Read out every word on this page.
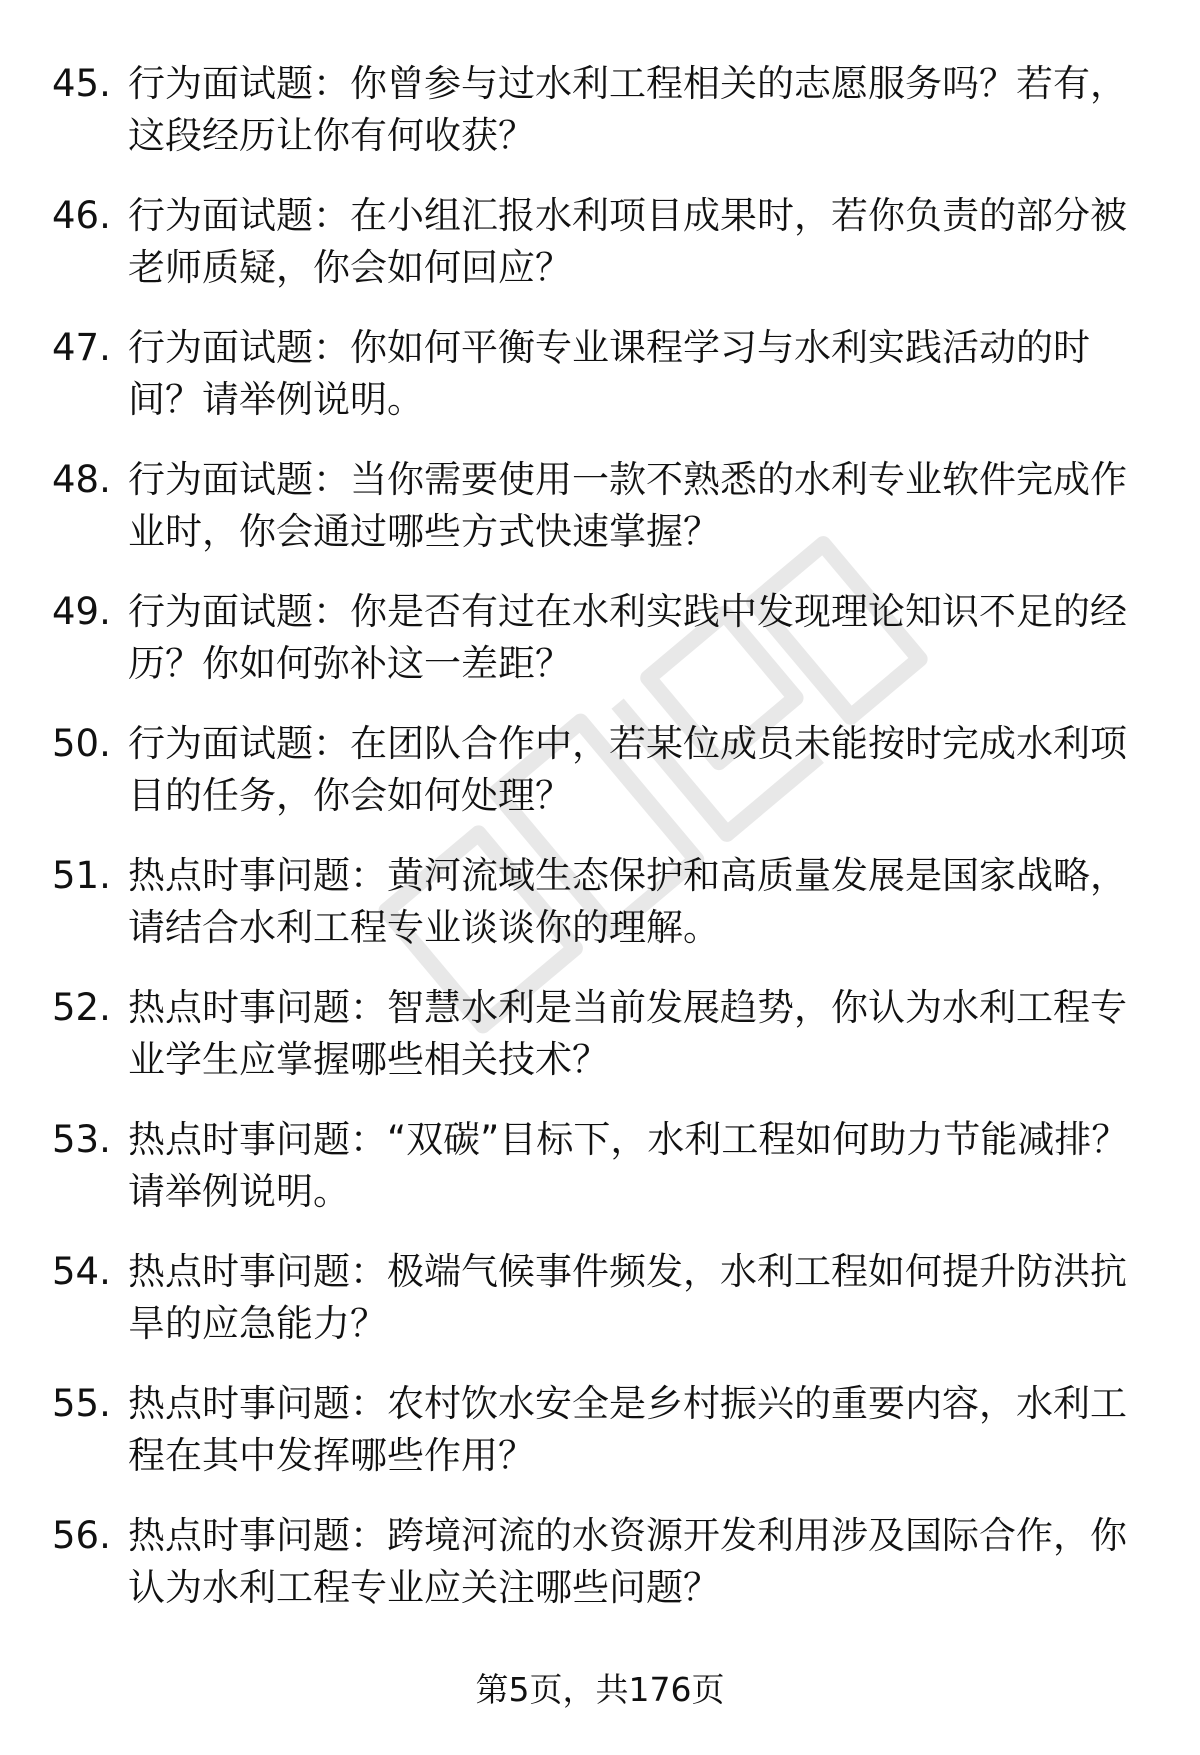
45. 行为面试题：你曾参与过水利工程相关的志愿服务吗？若有，这段经历让你有何收获？
46. 行为面试题：在小组汇报水利项目成果时，若你负责的部分被老师质疑，你会如何回应？
47. 行为面试题：你如何平衡专业课程学习与水利实践活动的时间？请举例说明。
48. 行为面试题：当你需要使用一款不熟悉的水利专业软件完成作业时，你会通过哪些方式快速掌握？
49. 行为面试题：你是否有过在水利实践中发现理论知识不足的经历？你如何弥补这一差距？
50. 行为面试题：在团队合作中，若某位成员未能按时完成水利项目的任务，你会如何处理？
51. 热点时事问题：黄河流域生态保护和高质量发展是国家战略，请结合水利工程专业谈谈你的理解。
52. 热点时事问题：智慧水利是当前发展趋势，你认为水利工程专业学生应掌握哪些相关技术？
53. 热点时事问题：“双碳”目标下，水利工程如何助力节能减排？请举例说明。
54. 热点时事问题：极端气候事件频发，水利工程如何提升防洪抗旱的应急能力？
55. 热点时事问题：农村饮水安全是乡村振兴的重要内容，水利工程在其中发挥哪些作用？
56. 热点时事问题：跨境河流的水资源开发利用涉及国际合作，你认为水利工程专业应关注哪些问题？
第5页，共176页
